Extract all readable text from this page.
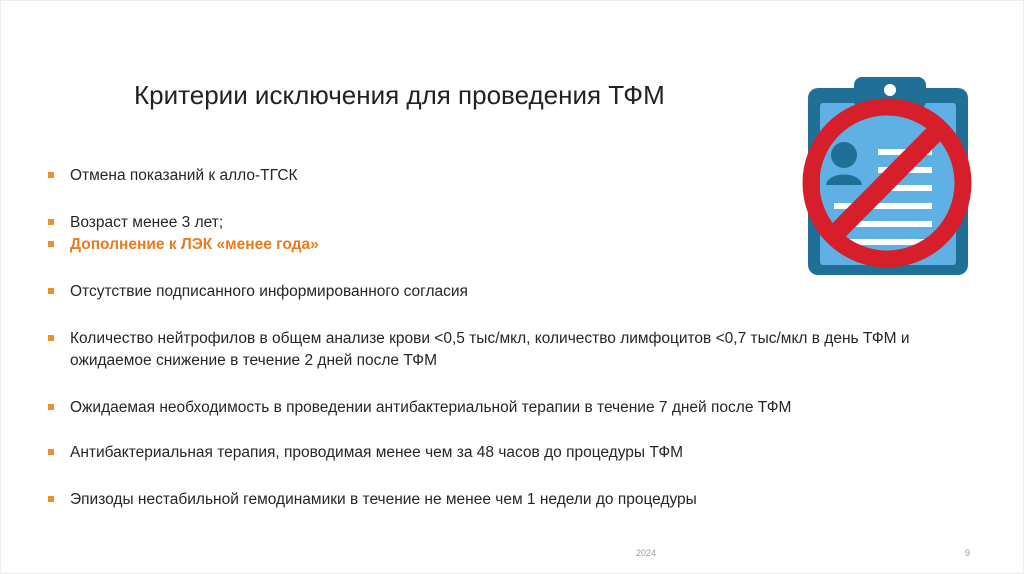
Критерии исключения для проведения ТФМ
Отмена показаний к алло-ТГСК
Возраст менее 3 лет;
Дополнение к ЛЭК «менее года»
Отсутствие подписанного информированного согласия
Количество нейтрофилов в общем анализе крови <0,5 тыс/мкл, количество лимфоцитов <0,7 тыс/мкл в день ТФМ и ожидаемое снижение в течение 2 дней после ТФМ
Ожидаемая необходимость в проведении антибактериальной терапии в течение 7 дней после ТФМ
Антибактериальная терапия, проводимая менее чем за 48 часов до процедуры ТФМ
Эпизоды нестабильной гемодинамики в течение не менее чем 1 недели до процедуры
2024	9
